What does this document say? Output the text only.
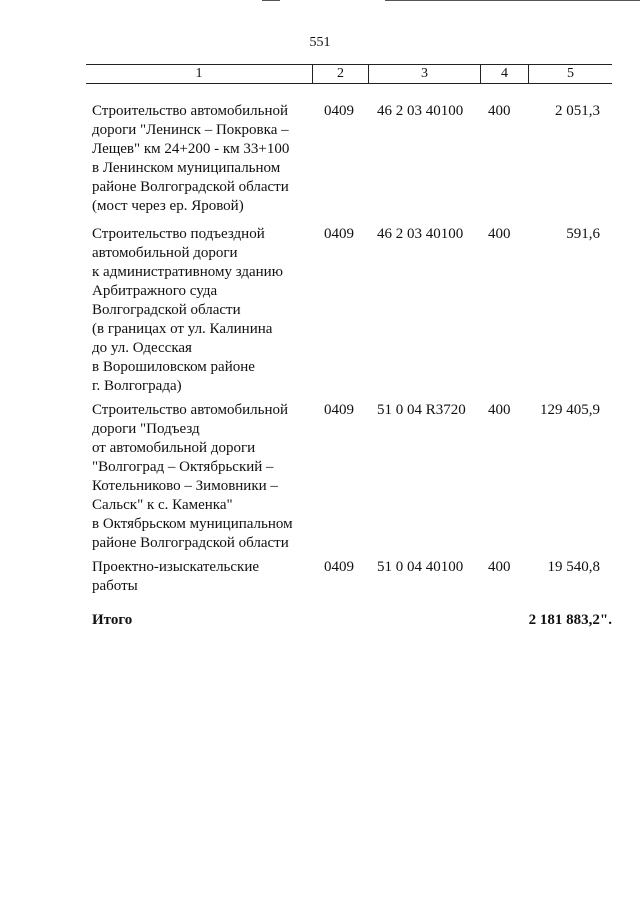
551
1	2	3	4	5
Строительство автомобильной
дороги "Ленинск – Покровка –
Лещев" км 24+200 - км 33+100
в Ленинском муниципальном
районе Волгоградской области
(мост через ер. Яровой)
0409	46 2 03 40100	400	2 051,3
Строительство подъездной
автомобильной дороги
к административному зданию
Арбитражного суда
Волгоградской области
(в границах от ул. Калинина
до ул. Одесская
в Ворошиловском районе
г. Волгограда)
0409	46 2 03 40100	400	591,6
Строительство автомобильной
дороги "Подъезд
от автомобильной дороги
"Волгоград – Октябрьский –
Котельниково – Зимовники –
Сальск" к с. Каменка"
в Октябрьском муниципальном
районе Волгоградской области
0409	51 0 04 R3720	400	129 405,9
Проектно-изыскательские
работы
0409	51 0 04 40100	400	19 540,8
Итого	2 181 883,2".
